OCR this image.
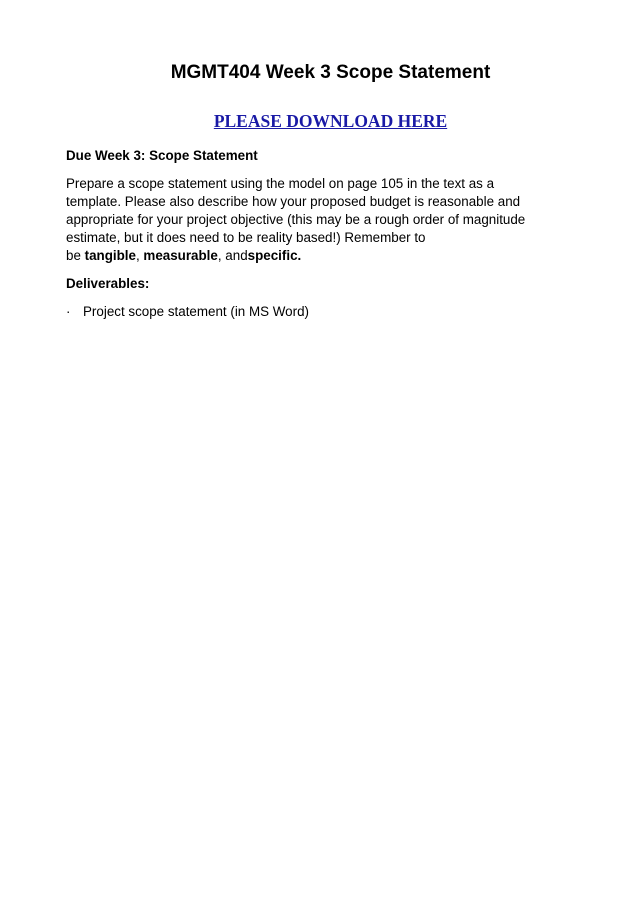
MGMT404 Week 3 Scope Statement
PLEASE DOWNLOAD HERE

Due Week 3: Scope Statement

Prepare a scope statement using the model on page 105 in the text as a
template. Please also describe how your proposed budget is reasonable and
appropriate for your project objective (this may be a rough order of magnitude
estimate, but it does need to be reality based!) Remember to
be tangible, measurable, andspecific.

Deliverables:

· Project scope statement (in MS Word)
